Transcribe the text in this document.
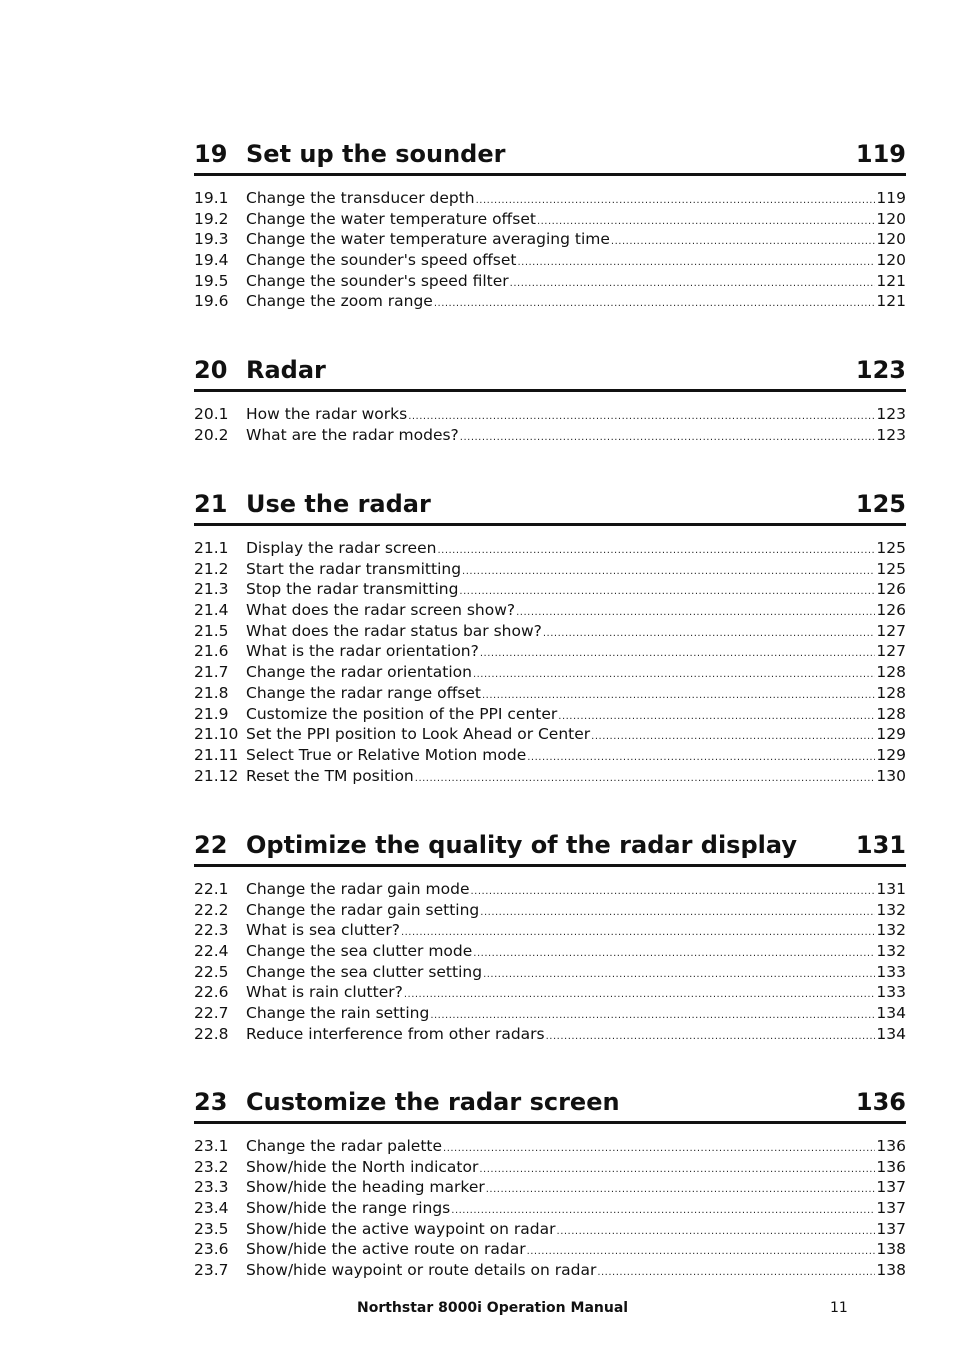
19 Set up the sounder	119
19.1	Change the transducer depth .....	119
19.2	Change the water temperature offset .....	120
19.3	Change the water temperature averaging time .....	120
19.4	Change the sounder's speed offset .....	120
19.5	Change the sounder's speed filter .....	121
19.6	Change the zoom range .....	121
20 Radar	123
20.1	How the radar works .....	123
20.2	What are the radar modes? .....	123
21 Use the radar	125
21.1	Display the radar screen .....	125
21.2	Start the radar transmitting .....	125
21.3	Stop the radar transmitting .....	126
21.4	What does the radar screen show? .....	126
21.5	What does the radar status bar show? .....	127
21.6	What is the radar orientation? .....	127
21.7	Change the radar orientation .....	128
21.8	Change the radar range offset .....	128
21.9	Customize the position of the PPI center .....	128
21.10 Set the PPI position to Look Ahead or Center .....	129
21.11 Select True or Relative Motion mode .....	129
21.12 Reset the TM position .....	130
22 Optimize the quality of the radar display 131
22.1	Change the radar gain mode .....	131
22.2	Change the radar gain setting .....	132
22.3	What is sea clutter? .....	132
22.4	Change the sea clutter mode .....	132
22.5	Change the sea clutter setting .....	133
22.6	What is rain clutter? .....	133
22.7	Change the rain setting .....	134
22.8	Reduce interference from other radars .....	134
23 Customize the radar screen	136
23.1	Change the radar palette .....	136
23.2	Show/hide the North indicator .....	136
23.3	Show/hide the heading marker .....	137
23.4	Show/hide the range rings .....	137
23.5	Show/hide the active waypoint on radar .....	137
23.6	Show/hide the active route on radar .....	138
23.7	Show/hide waypoint or route details on radar .....	138
Northstar 8000i Operation Manual	11
